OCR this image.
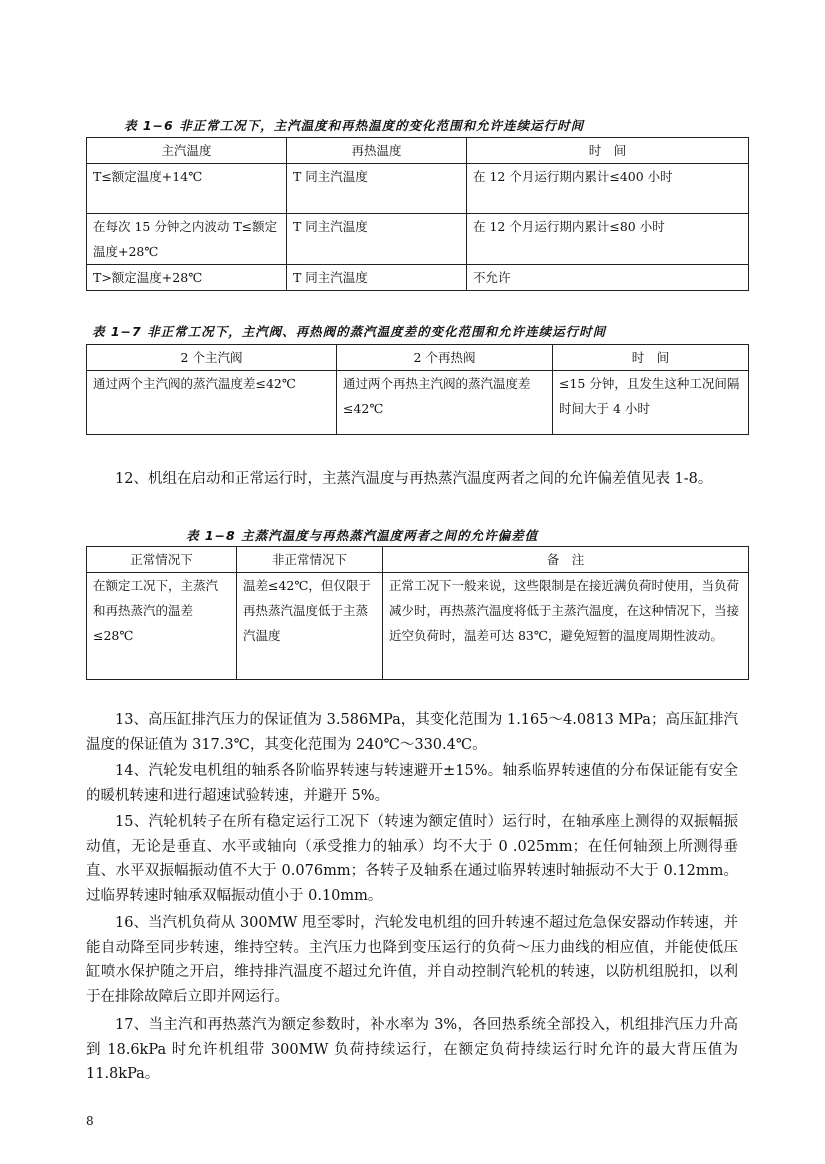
表 1−6 非正常工况下，主汽温度和再热温度的变化范围和允许连续运行时间
主汽温度	再热温度	时　间
T≤额定温度+14℃	T 同主汽温度	在 12 个月运行期内累计≤400 小时
在每次 15 分钟之内波动 T≤额定温度+28℃	T 同主汽温度	在 12 个月运行期内累计≤80 小时
T>额定温度+28℃	T 同主汽温度	不允许
表 1−7 非正常工况下，主汽阀、再热阀的蒸汽温度差的变化范围和允许连续运行时间
2 个主汽阀	2 个再热阀	时　间
通过两个主汽阀的蒸汽温度差≤42℃	通过两个再热主汽阀的蒸汽温度差≤42℃	≤15 分钟，且发生这种工况间隔时间大于 4 小时

12、机组在启动和正常运行时，主蒸汽温度与再热蒸汽温度两者之间的允许偏差值见表 1-8。

表 1−8 主蒸汽温度与再热蒸汽温度两者之间的允许偏差值
正常情况下	非正常情况下	备　注
在额定工况下，主蒸汽和再热蒸汽的温差≤28℃	温差≤42℃，但仅限于再热蒸汽温度低于主蒸汽温度	正常工况下一般来说，这些限制是在接近满负荷时使用，当负荷减少时，再热蒸汽温度将低于主蒸汽温度，在这种情况下，当接近空负荷时，温差可达 83℃，避免短暂的温度周期性波动。

13、高压缸排汽压力的保证值为 3.586MPa，其变化范围为 1.165～4.0813 MPa；高压缸排汽温度的保证值为 317.3℃，其变化范围为 240℃～330.4℃。

14、汽轮发电机组的轴系各阶临界转速与转速避开±15%。轴系临界转速值的分布保证能有安全的暖机转速和进行超速试验转速，并避开 5%。

15、汽轮机转子在所有稳定运行工况下（转速为额定值时）运行时，在轴承座上测得的双振幅振动值，无论是垂直、水平或轴向（承受推力的轴承）均不大于 0 .025mm；在任何轴颈上所测得垂直、水平双振幅振动值不大于 0.076mm；各转子及轴系在通过临界转速时轴振动不大于 0.12mm。过临界转速时轴承双幅振动值小于 0.10mm。

16、当汽机负荷从 300MW 甩至零时，汽轮发电机组的回升转速不超过危急保安器动作转速，并能自动降至同步转速，维持空转。主汽压力也降到变压运行的负荷～压力曲线的相应值，并能使低压缸喷水保护随之开启，维持排汽温度不超过允许值，并自动控制汽轮机的转速，以防机组脱扣，以利于在排除故障后立即并网运行。

17、当主汽和再热蒸汽为额定参数时，补水率为 3%，各回热系统全部投入，机组排汽压力升高到 18.6kPa 时允许机组带 300MW 负荷持续运行，在额定负荷持续运行时允许的最大背压值为 11.8kPa。

8
